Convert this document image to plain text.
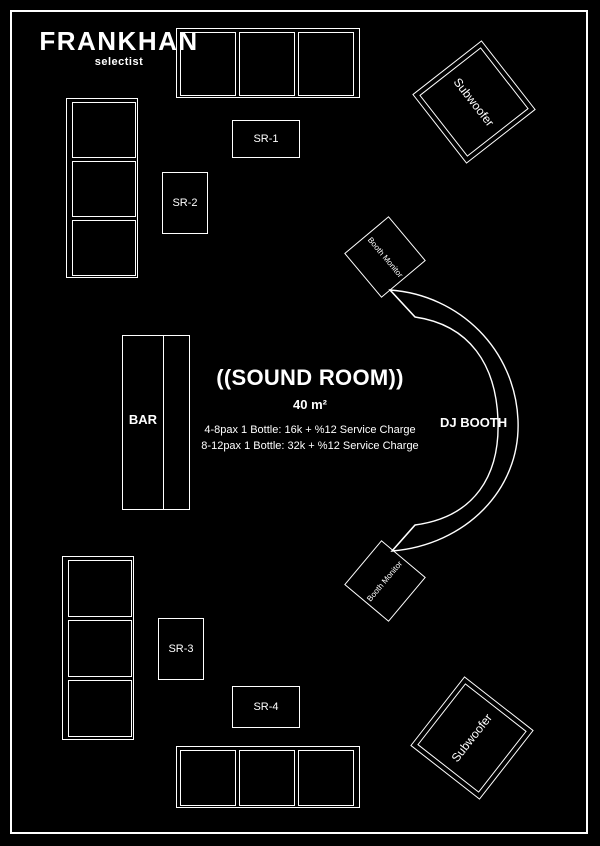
FRANKHAN
selectist
SR-1
SR-2
SR-3
SR-4
BAR
Subwoofer
Subwoofer
Booth Monitor
Booth Monitor
DJ BOOTH
((SOUND ROOM))
40 m²
4-8pax 1 Bottle: 16k + %12 Service Charge
8-12pax 1 Bottle: 32k + %12 Service Charge
